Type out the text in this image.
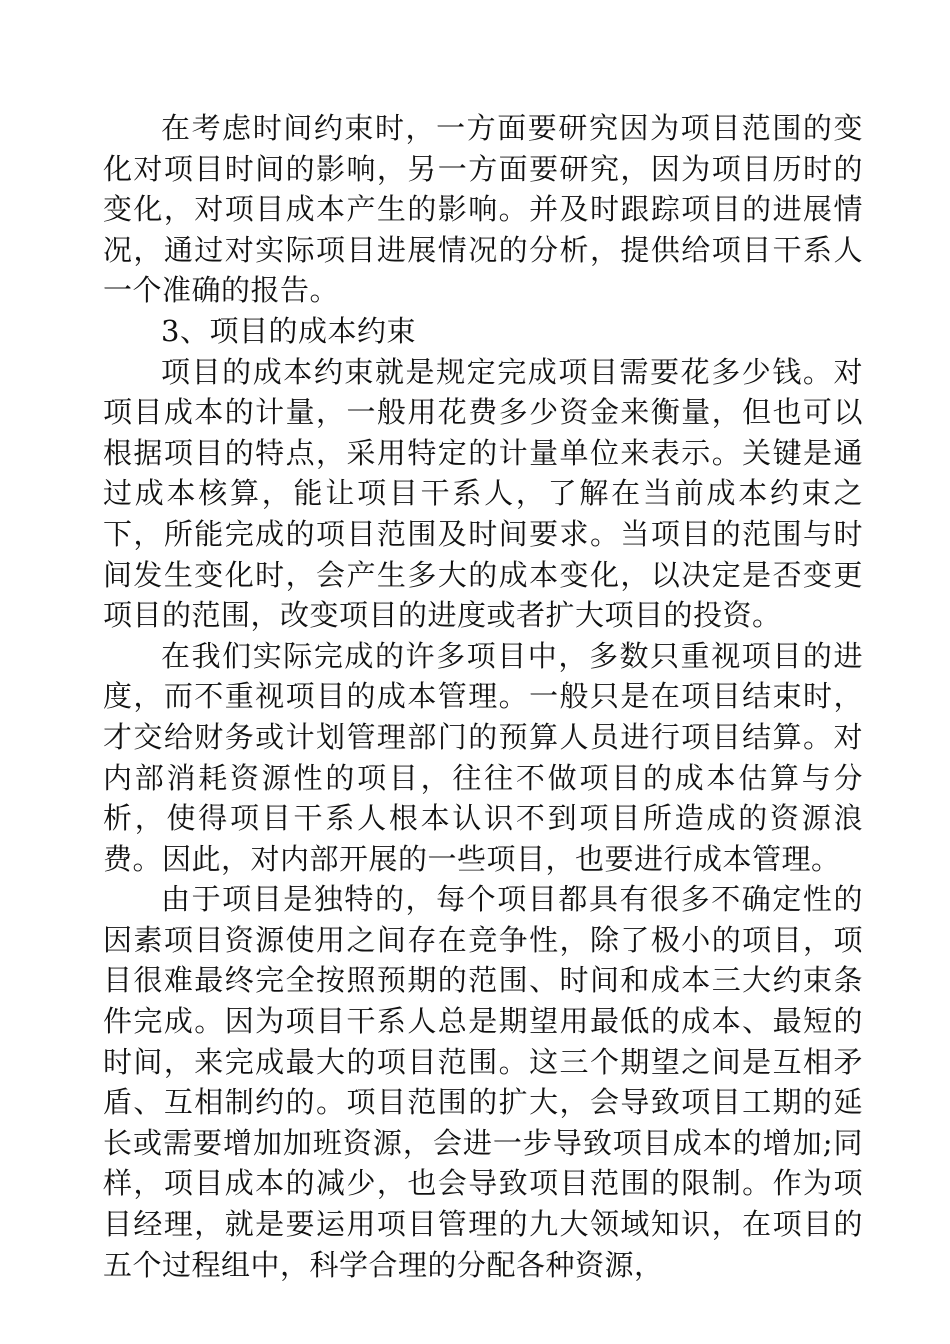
在考虑时间约束时，一方面要研究因为项目范围的变化对项目时间的影响，另一方面要研究，因为项目历时的变化，对项目成本产生的影响。并及时跟踪项目的进展情况，通过对实际项目进展情况的分析，提供给项目干系人一个准确的报告。

3、项目的成本约束

项目的成本约束就是规定完成项目需要花多少钱。对项目成本的计量，一般用花费多少资金来衡量，但也可以根据项目的特点，采用特定的计量单位来表示。关键是通过成本核算，能让项目干系人，了解在当前成本约束之下，所能完成的项目范围及时间要求。当项目的范围与时间发生变化时，会产生多大的成本变化，以决定是否变更项目的范围，改变项目的进度或者扩大项目的投资。

在我们实际完成的许多项目中，多数只重视项目的进度，而不重视项目的成本管理。一般只是在项目结束时，才交给财务或计划管理部门的预算人员进行项目结算。对内部消耗资源性的项目，往往不做项目的成本估算与分析，使得项目干系人根本认识不到项目所造成的资源浪费。因此，对内部开展的一些项目，也要进行成本管理。

由于项目是独特的，每个项目都具有很多不确定性的因素项目资源使用之间存在竞争性，除了极小的项目，项目很难最终完全按照预期的范围、时间和成本三大约束条件完成。因为项目干系人总是期望用最低的成本、最短的时间，来完成最大的项目范围。这三个期望之间是互相矛盾、互相制约的。项目范围的扩大，会导致项目工期的延长或需要增加加班资源，会进一步导致项目成本的增加;同样，项目成本的减少，也会导致项目范围的限制。作为项目经理，就是要运用项目管理的九大领域知识，在项目的五个过程组中，科学合理的分配各种资源，
